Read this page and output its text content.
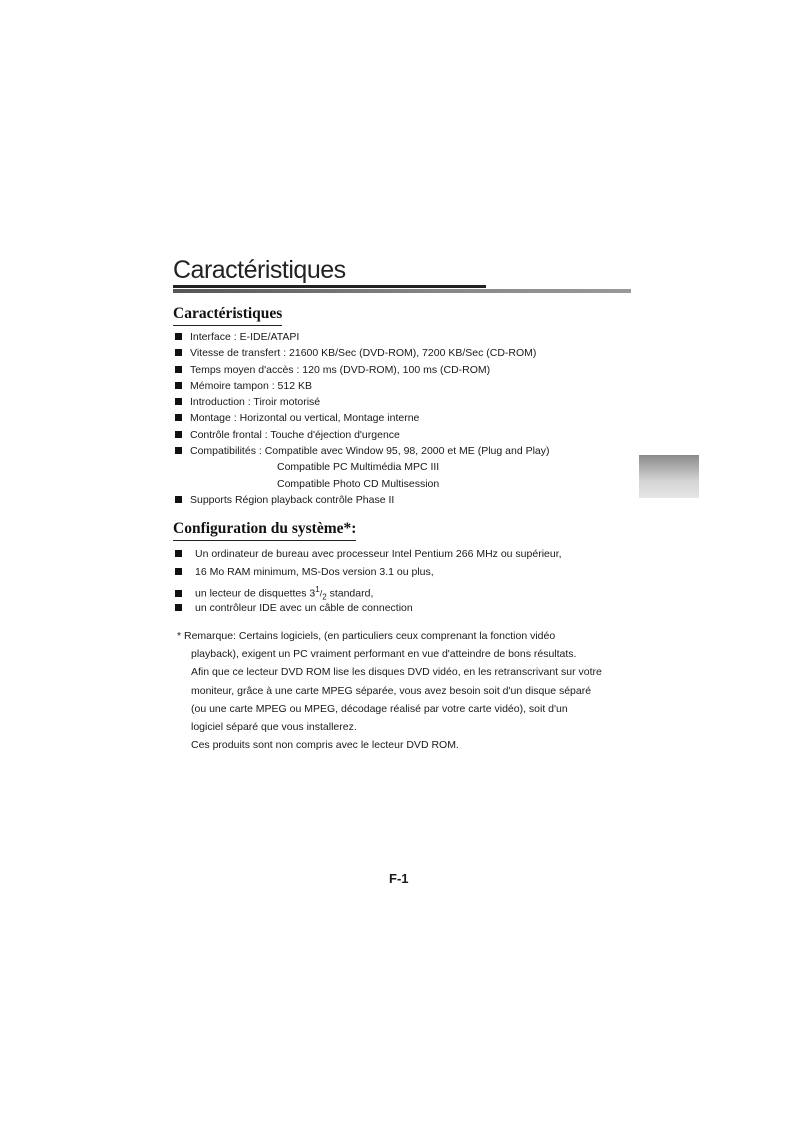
Caractéristiques
Caractéristiques
Interface : E-IDE/ATAPI
Vitesse de transfert : 21600 KB/Sec (DVD-ROM), 7200 KB/Sec (CD-ROM)
Temps moyen d'accès : 120 ms (DVD-ROM), 100 ms (CD-ROM)
Mémoire tampon : 512 KB
Introduction : Tiroir motorisé
Montage : Horizontal ou vertical, Montage interne
Contrôle frontal : Touche d'éjection d'urgence
Compatibilités : Compatible avec Window 95, 98, 2000 et ME (Plug and Play)
Compatible PC Multimédia MPC III
Compatible Photo CD Multisession
Supports Région playback contrôle Phase II
Configuration du système*:
Un ordinateur de bureau avec processeur Intel Pentium 266 MHz ou supérieur,
16 Mo RAM minimum, MS-Dos version 3.1 ou plus,
un lecteur de disquettes $3^1/_2$ standard,
un contrôleur IDE avec un câble de connection
* Remarque: Certains logiciels, (en particuliers ceux comprenant la fonction vidéo
playback), exigent un PC vraiment performant en vue d'atteindre de bons résultats.
Afin que ce lecteur DVD ROM lise les disques DVD vidéo, en les retranscrivant sur votre
moniteur, grâce à une carte MPEG séparée, vous avez besoin soit d'un disque séparé
(ou une carte MPEG ou MPEG, décodage réalisé par votre carte vidéo), soit d'un
logiciel séparé que vous installerez.
Ces produits sont non compris avec le lecteur DVD ROM.
F-1
